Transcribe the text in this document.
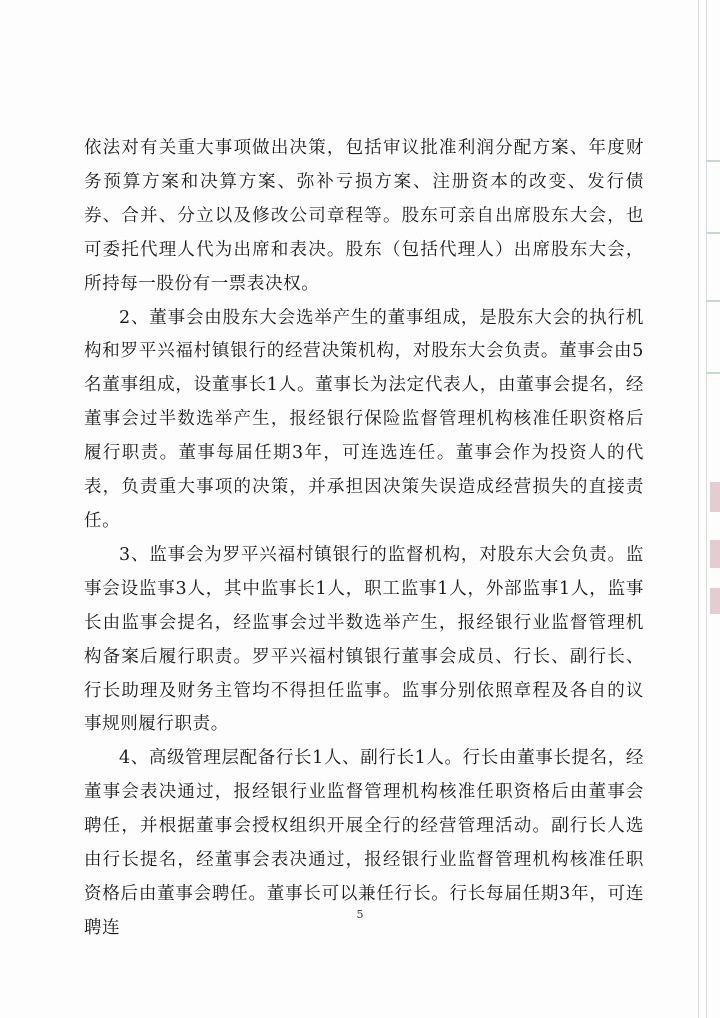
依法对有关重大事项做出决策，包括审议批准利润分配方案、年度财务预算方案和决算方案、弥补亏损方案、注册资本的改变、发行债券、合并、分立以及修改公司章程等。股东可亲自出席股东大会，也可委托代理人代为出席和表决。股东（包括代理人）出席股东大会，所持每一股份有一票表决权。

2、董事会由股东大会选举产生的董事组成，是股东大会的执行机构和罗平兴福村镇银行的经营决策机构，对股东大会负责。董事会由5名董事组成，设董事长1人。董事长为法定代表人，由董事会提名，经董事会过半数选举产生，报经银行保险监督管理机构核准任职资格后履行职责。董事每届任期3年，可连选连任。董事会作为投资人的代表，负责重大事项的决策，并承担因决策失误造成经营损失的直接责任。

3、监事会为罗平兴福村镇银行的监督机构，对股东大会负责。监事会设监事3人，其中监事长1人，职工监事1人，外部监事1人，监事长由监事会提名，经监事会过半数选举产生，报经银行业监督管理机构备案后履行职责。罗平兴福村镇银行董事会成员、行长、副行长、行长助理及财务主管均不得担任监事。监事分别依照章程及各自的议事规则履行职责。

4、高级管理层配备行长1人、副行长1人。行长由董事长提名，经董事会表决通过，报经银行业监督管理机构核准任职资格后由董事会聘任，并根据董事会授权组织开展全行的经营管理活动。副行长人选由行长提名，经董事会表决通过，报经银行业监督管理机构核准任职资格后由董事会聘任。董事长可以兼任行长。行长每届任期3年，可连聘连

5
